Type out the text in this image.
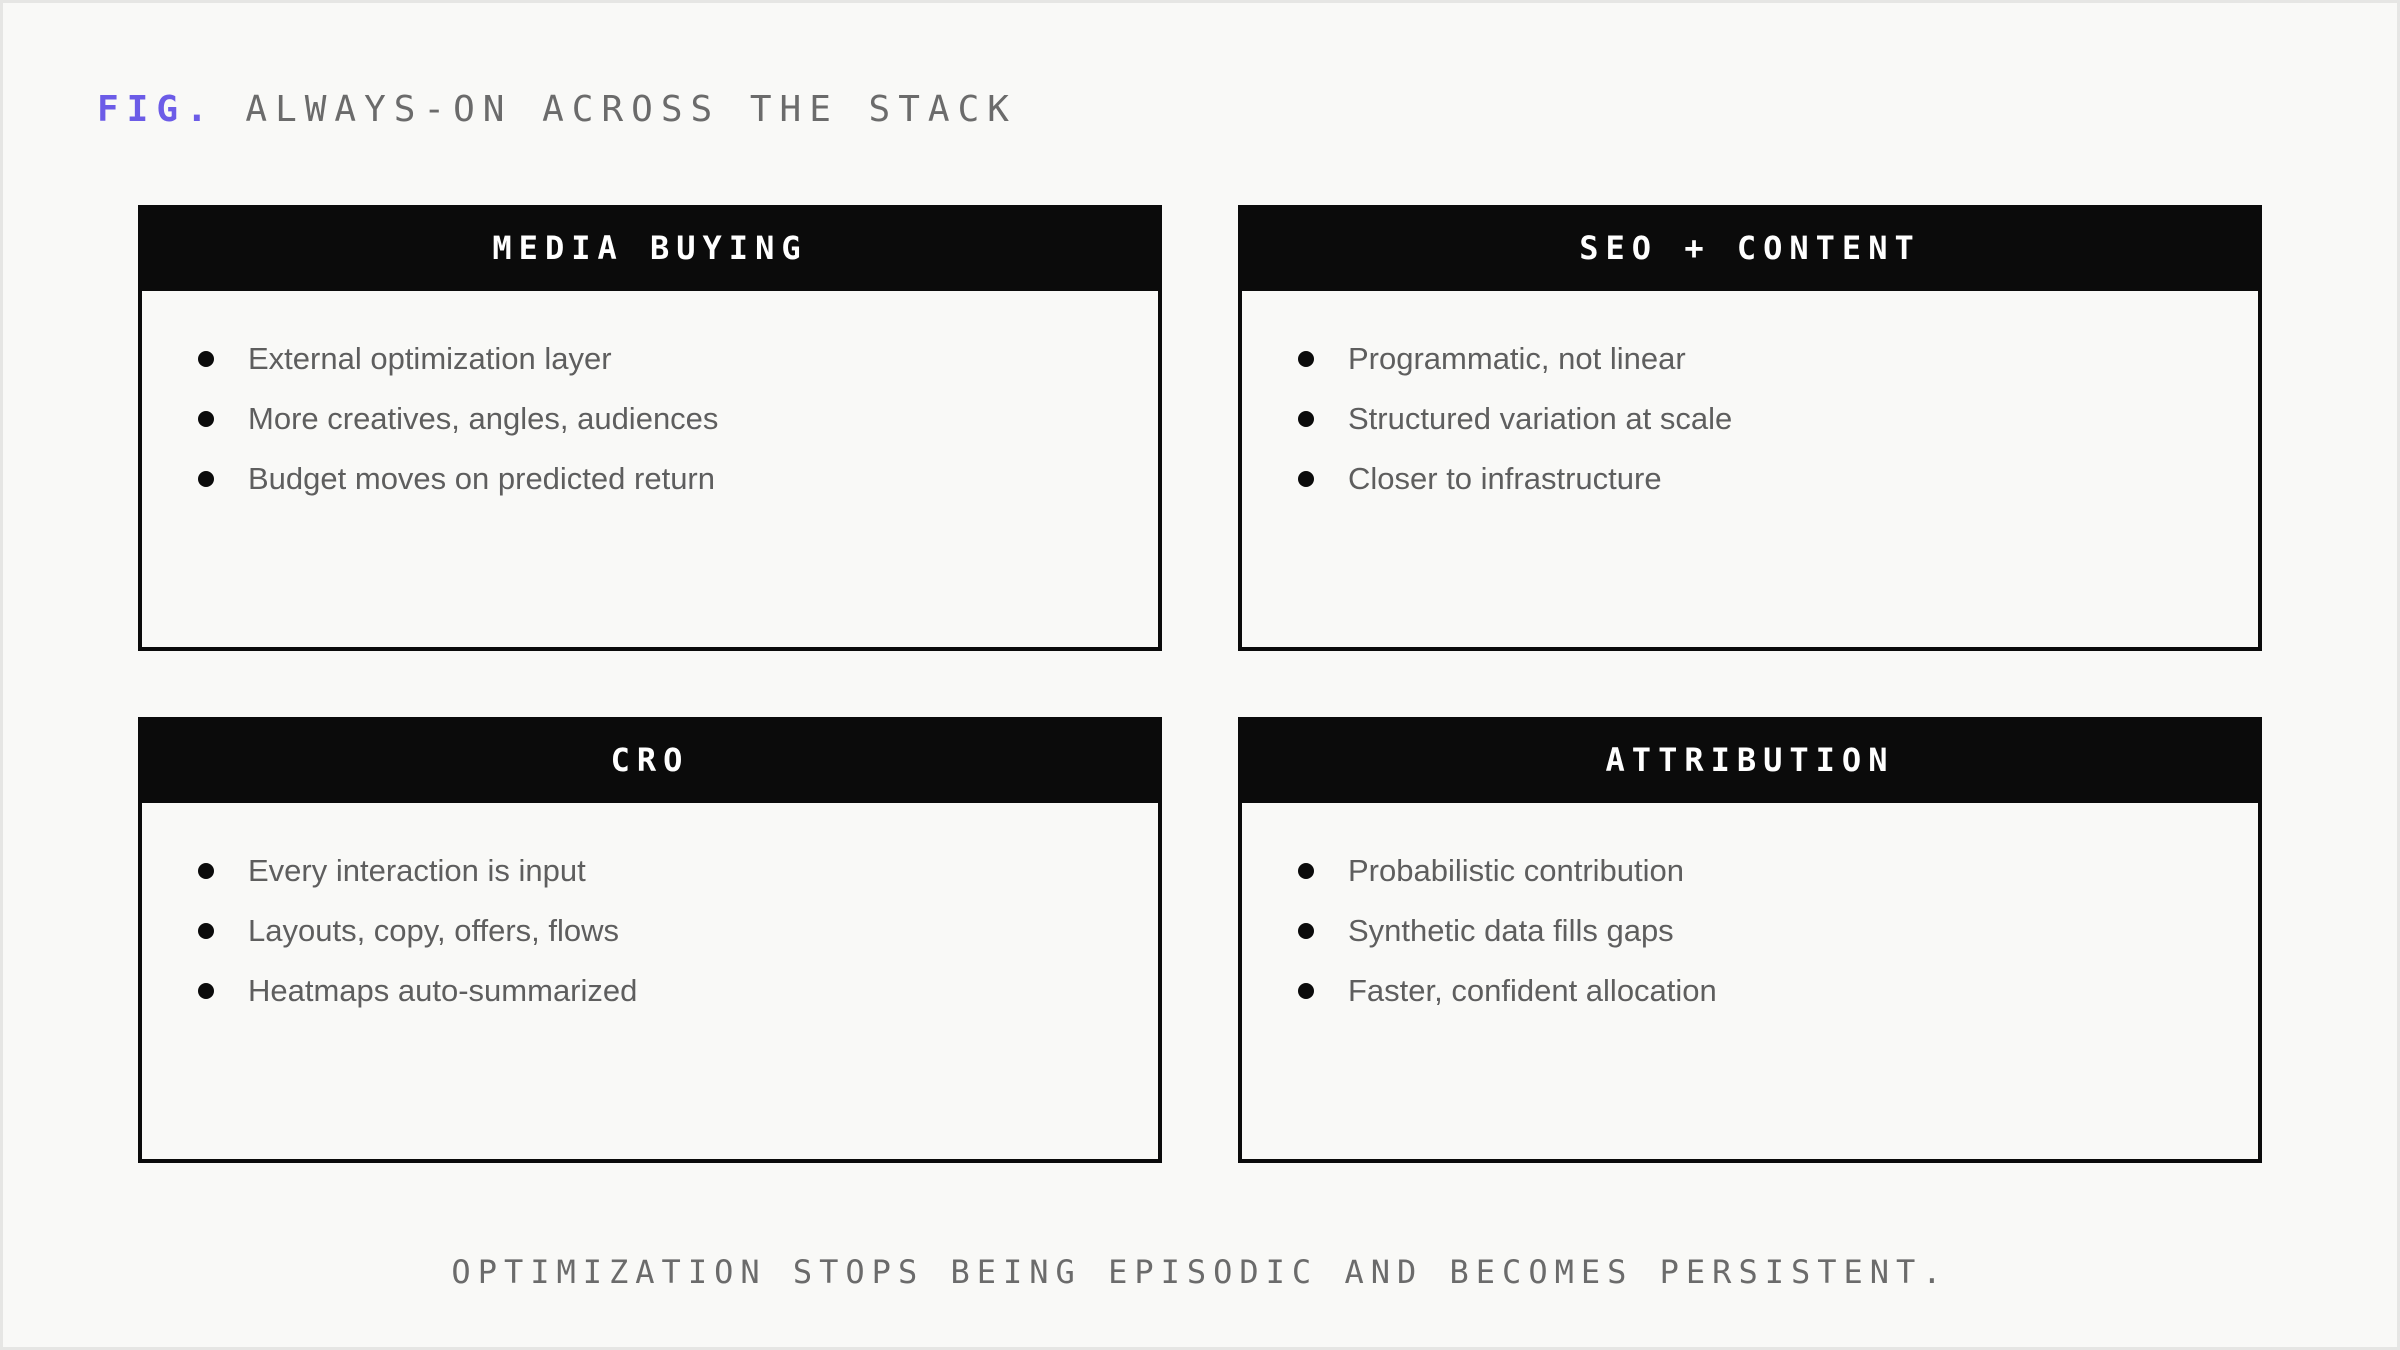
FIG. ALWAYS-ON ACROSS THE STACK
MEDIA BUYING
External optimization layer
More creatives, angles, audiences
Budget moves on predicted return
SEO + CONTENT
Programmatic, not linear
Structured variation at scale
Closer to infrastructure
CRO
Every interaction is input
Layouts, copy, offers, flows
Heatmaps auto-summarized
ATTRIBUTION
Probabilistic contribution
Synthetic data fills gaps
Faster, confident allocation
OPTIMIZATION STOPS BEING EPISODIC AND BECOMES PERSISTENT.
